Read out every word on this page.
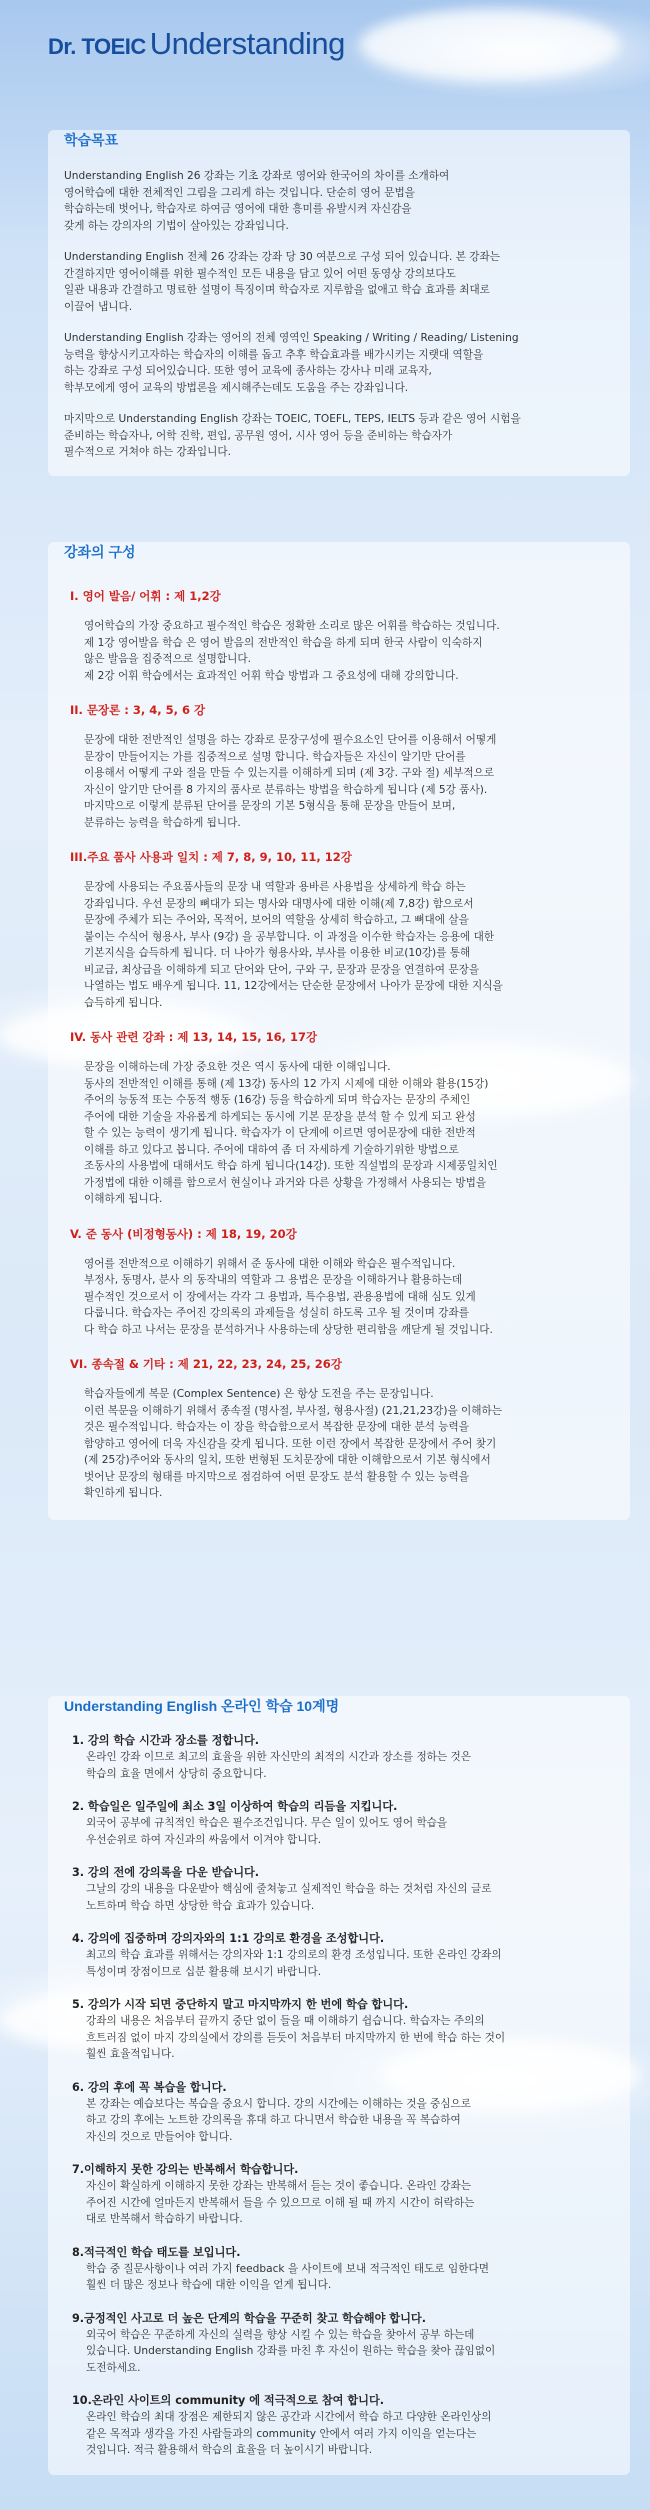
Dr. TOEIC Understanding
학습목표

Understanding English 26 강좌는 기초 강좌로 영어와 한국어의 차이를 소개하여
영어학습에 대한 전체적인 그림을 그리게 하는 것입니다. 단순히 영어 문법을
학습하는데 벗어나, 학습자로 하여금 영어에 대한 흥미를 유발시켜 자신감을
갖게 하는 강의자의 기법이 살아있는 강좌입니다.

Understanding English 전체 26 강좌는 강좌 당 30 여분으로 구성 되어 있습니다. 본 강좌는
간결하지만 영어이해를 위한 필수적인 모든 내용을 담고 있어 어떤 동영상 강의보다도
일관 내용과 간결하고 명료한 설명이 특징이며 학습자로 지루함을 없애고 학습 효과를 최대로
이끌어 냅니다.

Understanding English 강좌는 영어의 전체 영역인 Speaking / Writing / Reading/ Listening
능력을 향상시키고자하는 학습자의 이해를 돕고 추후 학습효과를 배가시키는 지랫대 역할을
하는 강좌로 구성 되어있습니다. 또한 영어 교육에 종사하는 강사나 미래 교육자,
학부모에게 영어 교육의 방법론을 제시해주는데도 도움을 주는 강좌입니다.

마지막으로 Understanding English 강좌는 TOEIC, TOEFL, TEPS, IELTS 등과 같은 영어 시험을
준비하는 학습자나, 어학 진학, 편입, 공무원 영어, 시사 영어 등을 준비하는 학습자가
필수적으로 거쳐야 하는 강좌입니다.

강좌의 구성

I. 영어 발음/ 어휘 : 제 1,2강

영어학습의 가장 중요하고 필수적인 학습은 정확한 소리로 많은 어휘를 학습하는 것입니다.
제 1강 영어발음 학습 은 영어 발음의 전반적인 학습을 하게 되며 한국 사람이 익숙하지
않은 발음을 집중적으로 설명합니다.
제 2강 어휘 학습에서는 효과적인 어휘 학습 방법과 그 중요성에 대해 강의합니다.

II. 문장론 : 3, 4, 5, 6 강

문장에 대한 전반적인 설명을 하는 강좌로 문장구성에 필수요소인 단어를 이용해서 어떻게
문장이 만들어지는 가를 집중적으로 설명 합니다. 학습자들은 자신이 알기만 단어를
이용해서 어떻게 구와 절을 만들 수 있는지를 이해하게 되며 (제 3강. 구와 절) 세부적으로
자신이 알기만 단어를 8 가지의 품사로 분류하는 방법을 학습하게 됩니다 (제 5강 품사).
마지막으로 이렇게 분류된 단어를 문장의 기본 5형식을 통해 문장을 만들어 보며,
분류하는 능력을 학습하게 됩니다.

III.주요 품사 사용과 일치 : 제 7, 8, 9, 10, 11, 12강

문장에 사용되는 주요품사들의 문장 내 역할과 용바른 사용법을 상세하게 학습 하는
강좌입니다. 우선 문장의 뼈대가 되는 명사와 대명사에 대한 이해(제 7,8강) 함으로서
문장에 주체가 되는 주어와, 목적어, 보어의 역할을 상세히 학습하고, 그 뼈대에 살을
붙이는 수식어 형용사, 부사 (9강) 을 공부합니다. 이 과정을 이수한 학습자는 응용에 대한
기본지식을 습득하게 됩니다. 더 나아가 형용사와, 부사를 이용한 비교(10강)를 통해
비교급, 최상급을 이해하게 되고 단어와 단어, 구와 구, 문장과 문장을 연결하여 문장을
나열하는 법도 배우게 됩니다. 11, 12강에서는 단순한 문장에서 나아가 문장에 대한 지식을
습득하게 됩니다.

IV. 동사 관련 강좌 : 제 13, 14, 15, 16, 17강

문장을 이해하는데 가장 중요한 것은 역시 동사에 대한 이해입니다.
동사의 전반적인 이해를 통해 (제 13강) 동사의 12 가지 시제에 대한 이해와 활용(15강)
주어의 능동적 또는 수동적 행동 (16강) 등을 학습하게 되며 학습자는 문장의 주체인
주어에 대한 기술을 자유롭게 하게되는 동시에 기본 문장을 분석 할 수 있게 되고 완성
할 수 있는 능력이 생기게 됩니다. 학습자가 이 단계에 이르면 영어문장에 대한 전반적
이해를 하고 있다고 봅니다. 주어에 대하여 좀 더 자세하게 기술하기위한 방법으로
조동사의 사용법에 대해서도 학습 하게 됩니다(14강). 또한 직설법의 문장과 시제풍일치인
가정법에 대한 이해를 함으로서 현실이나 과거와 다른 상황을 가정해서 사용되는 방법을
이해하게 됩니다.

V. 준 동사 (비정형동사) : 제 18, 19, 20강

영어를 전반적으로 이해하기 위해서 준 동사에 대한 이해와 학습은 필수적입니다.
부정사, 동명사, 분사 의 동작내의 역할과 그 용법은 문장을 이해하거나 활용하는데
필수적인 것으로서 이 장에서는 각각 그 용법과, 특수용법, 관용용법에 대해 심도 있게
다룹니다. 학습자는 주어진 강의록의 과제들을 성실히 하도록 고우 될 것이며 강좌를
다 학습 하고 나서는 문장을 분석하거나 사용하는데 상당한 편리함을 깨닫게 될 것입니다.

VI. 종속절 & 기타 : 제 21, 22, 23, 24, 25, 26강

학습자들에게 복문 (Complex Sentence) 은 항상 도전을 주는 문장입니다.
이런 복문을 이해하기 위해서 종속절 (명사절, 부사절, 형용사절) (21,21,23강)을 이해하는
것은 필수적입니다. 학습자는 이 장을 학습함으로서 복잡한 문장에 대한 분석 능력을
함양하고 영어에 더욱 자신감을 갖게 됩니다. 또한 이런 장에서 복잡한 문장에서 주어 찾기
(제 25강)주어와 동사의 일치, 또한 번형된 도치문장에 대한 이해함으로서 기본 형식에서
벗어난 문장의 형태를 마지막으로 점검하여 어떤 문장도 분석 활용할 수 있는 능력을
확인하게 됩니다.

Understanding English 온라인 학습 10계명

1. 강의 학습 시간과 장소를 정합니다.

온라인 강좌 이므로 최고의 효율을 위한 자신만의 최적의 시간과 장소를 정하는 것은
학습의 효율 면에서 상당히 중요합니다.

2. 학습일은 일주일에 최소 3일 이상하여 학습의 리듬을 지킵니다.

외국어 공부에 규칙적인 학습은 필수조건입니다. 무슨 일이 있어도 영어 학습을
우선순위로 하여 자신과의 싸움에서 이겨야 합니다.

3. 강의 전에 강의록을 다운 받습니다.

그날의 강의 내용을 다운받아 핵심에 줄쳐놓고 실제적인 학습을 하는 것처럼 자신의 글로
노트하며 학습 하면 상당한 학습 효과가 있습니다.

4. 강의에 집중하며 강의자와의 1:1 강의로 환경을 조성합니다.

최고의 학습 효과를 위해서는 강의자와 1:1 강의로의 환경 조성입니다. 또한 온라인 강좌의
특성이며 장점이므로 십분 활용해 보시기 바랍니다.

5. 강의가 시작 되면 중단하지 말고 마지막까지 한 번에 학습 합니다.

강좌의 내용은 처음부터 끝까지 중단 없이 들을 때 이해하기 쉽습니다. 학습자는 주의의
흐트러짐 없이 마지 강의실에서 강의를 듣듯이 처음부터 마지막까지 한 번에 학습 하는 것이
훨씬 효율적입니다.

6. 강의 후에 꼭 복습을 합니다.

본 강좌는 예습보다는 복습을 중요시 합니다. 강의 시간에는 이해하는 것을 중심으로
하고 강의 후에는 노트한 강의록을 휴대 하고 다니면서 학습한 내용을 꼭 복습하여
자신의 것으로 만들어야 합니다.

7.이해하지 못한 강의는 반복해서 학습합니다.

자신이 확실하게 이해하지 못한 강좌는 반복해서 듣는 것이 좋습니다. 온라인 강좌는
주어진 시간에 얼마든지 반복해서 들을 수 있으므로 이해 될 때 까지 시간이 허락하는
대로 반복해서 학습하기 바랍니다.

8.적극적인 학습 태도를 보입니다.

학습 중 질문사항이나 여러 가지 feedback 을 사이트에 보내 적극적인 태도로 임한다면
훨씬 더 많은 정보나 학습에 대한 이익을 얻게 됩니다.

9.긍정적인 사고로 더 높은 단계의 학습을 꾸준히 찾고 학습해야 합니다.

외국어 학습은 꾸준하게 자신의 실력을 향상 시킬 수 있는 학습을 찾아서 공부 하는데
있습니다. Understanding English 강좌를 마친 후 자신이 원하는 학습을 찾아 끊임없이
도전하세요.

10.온라인 사이트의 community 에 적극적으로 참여 합니다.

온라인 학습의 최대 장점은 제한되지 않은 공간과 시간에서 학습 하고 다양한 온라인상의
같은 목적과 생각을 가진 사람들과의 community 안에서 여러 가지 이익을 얻는다는
것입니다. 적극 활용해서 학습의 효율을 더 높이시기 바랍니다.
